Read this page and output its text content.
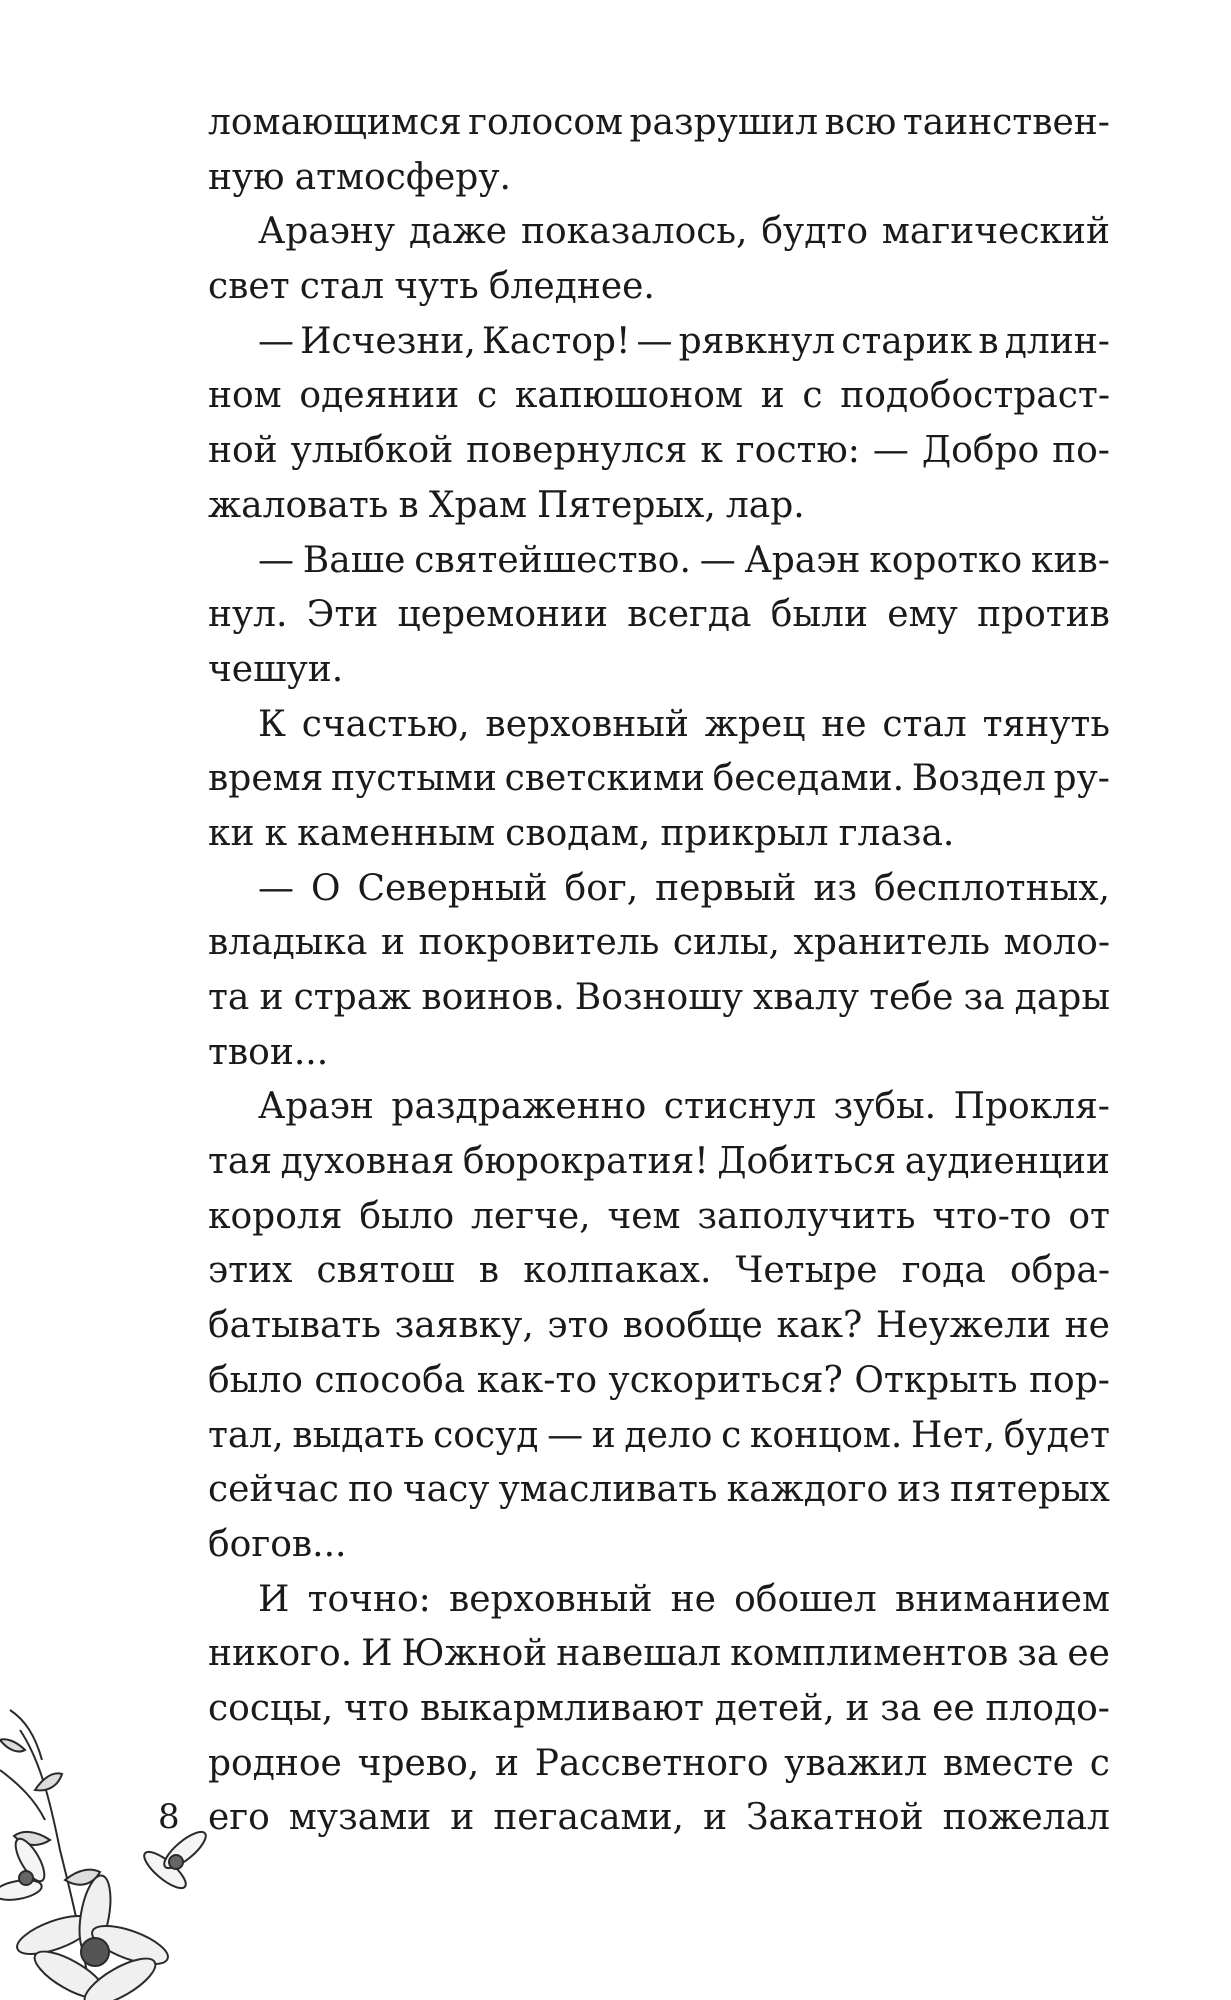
ломающимся голосом разрушил всю таинствен-
ную атмосферу.
Араэну даже показалось, будто магический
свет стал чуть бледнее.
— Исчезни, Кастор! — рявкнул старик в длин-
ном одеянии с капюшоном и с подобостраст-
ной улыбкой повернулся к гостю: — Добро по-
жаловать в Храм Пятерых, лар.
— Ваше святейшество. — Араэн коротко кив-
нул. Эти церемонии всегда были ему против
чешуи.
К счастью, верховный жрец не стал тянуть
время пустыми светскими беседами. Воздел ру-
ки к каменным сводам, прикрыл глаза.
— О Северный бог, первый из бесплотных,
владыка и покровитель силы, хранитель моло-
та и страж воинов. Возношу хвалу тебе за дары
твои...
Араэн раздраженно стиснул зубы. Прокля-
тая духовная бюрократия! Добиться аудиенции
короля было легче, чем заполучить что-то от
этих святош в колпаках. Четыре года обра-
батывать заявку, это вообще как? Неужели не
было способа как-то ускориться? Открыть пор-
тал, выдать сосуд — и дело с концом. Нет, будет
сейчас по часу умасливать каждого из пятерых
богов...
И точно: верховный не обошел вниманием
никого. И Южной навешал комплиментов за ее
сосцы, что выкармливают детей, и за ее плодо-
родное чрево, и Рассветного уважил вместе с
его музами и пегасами, и Закатной пожелал
8
